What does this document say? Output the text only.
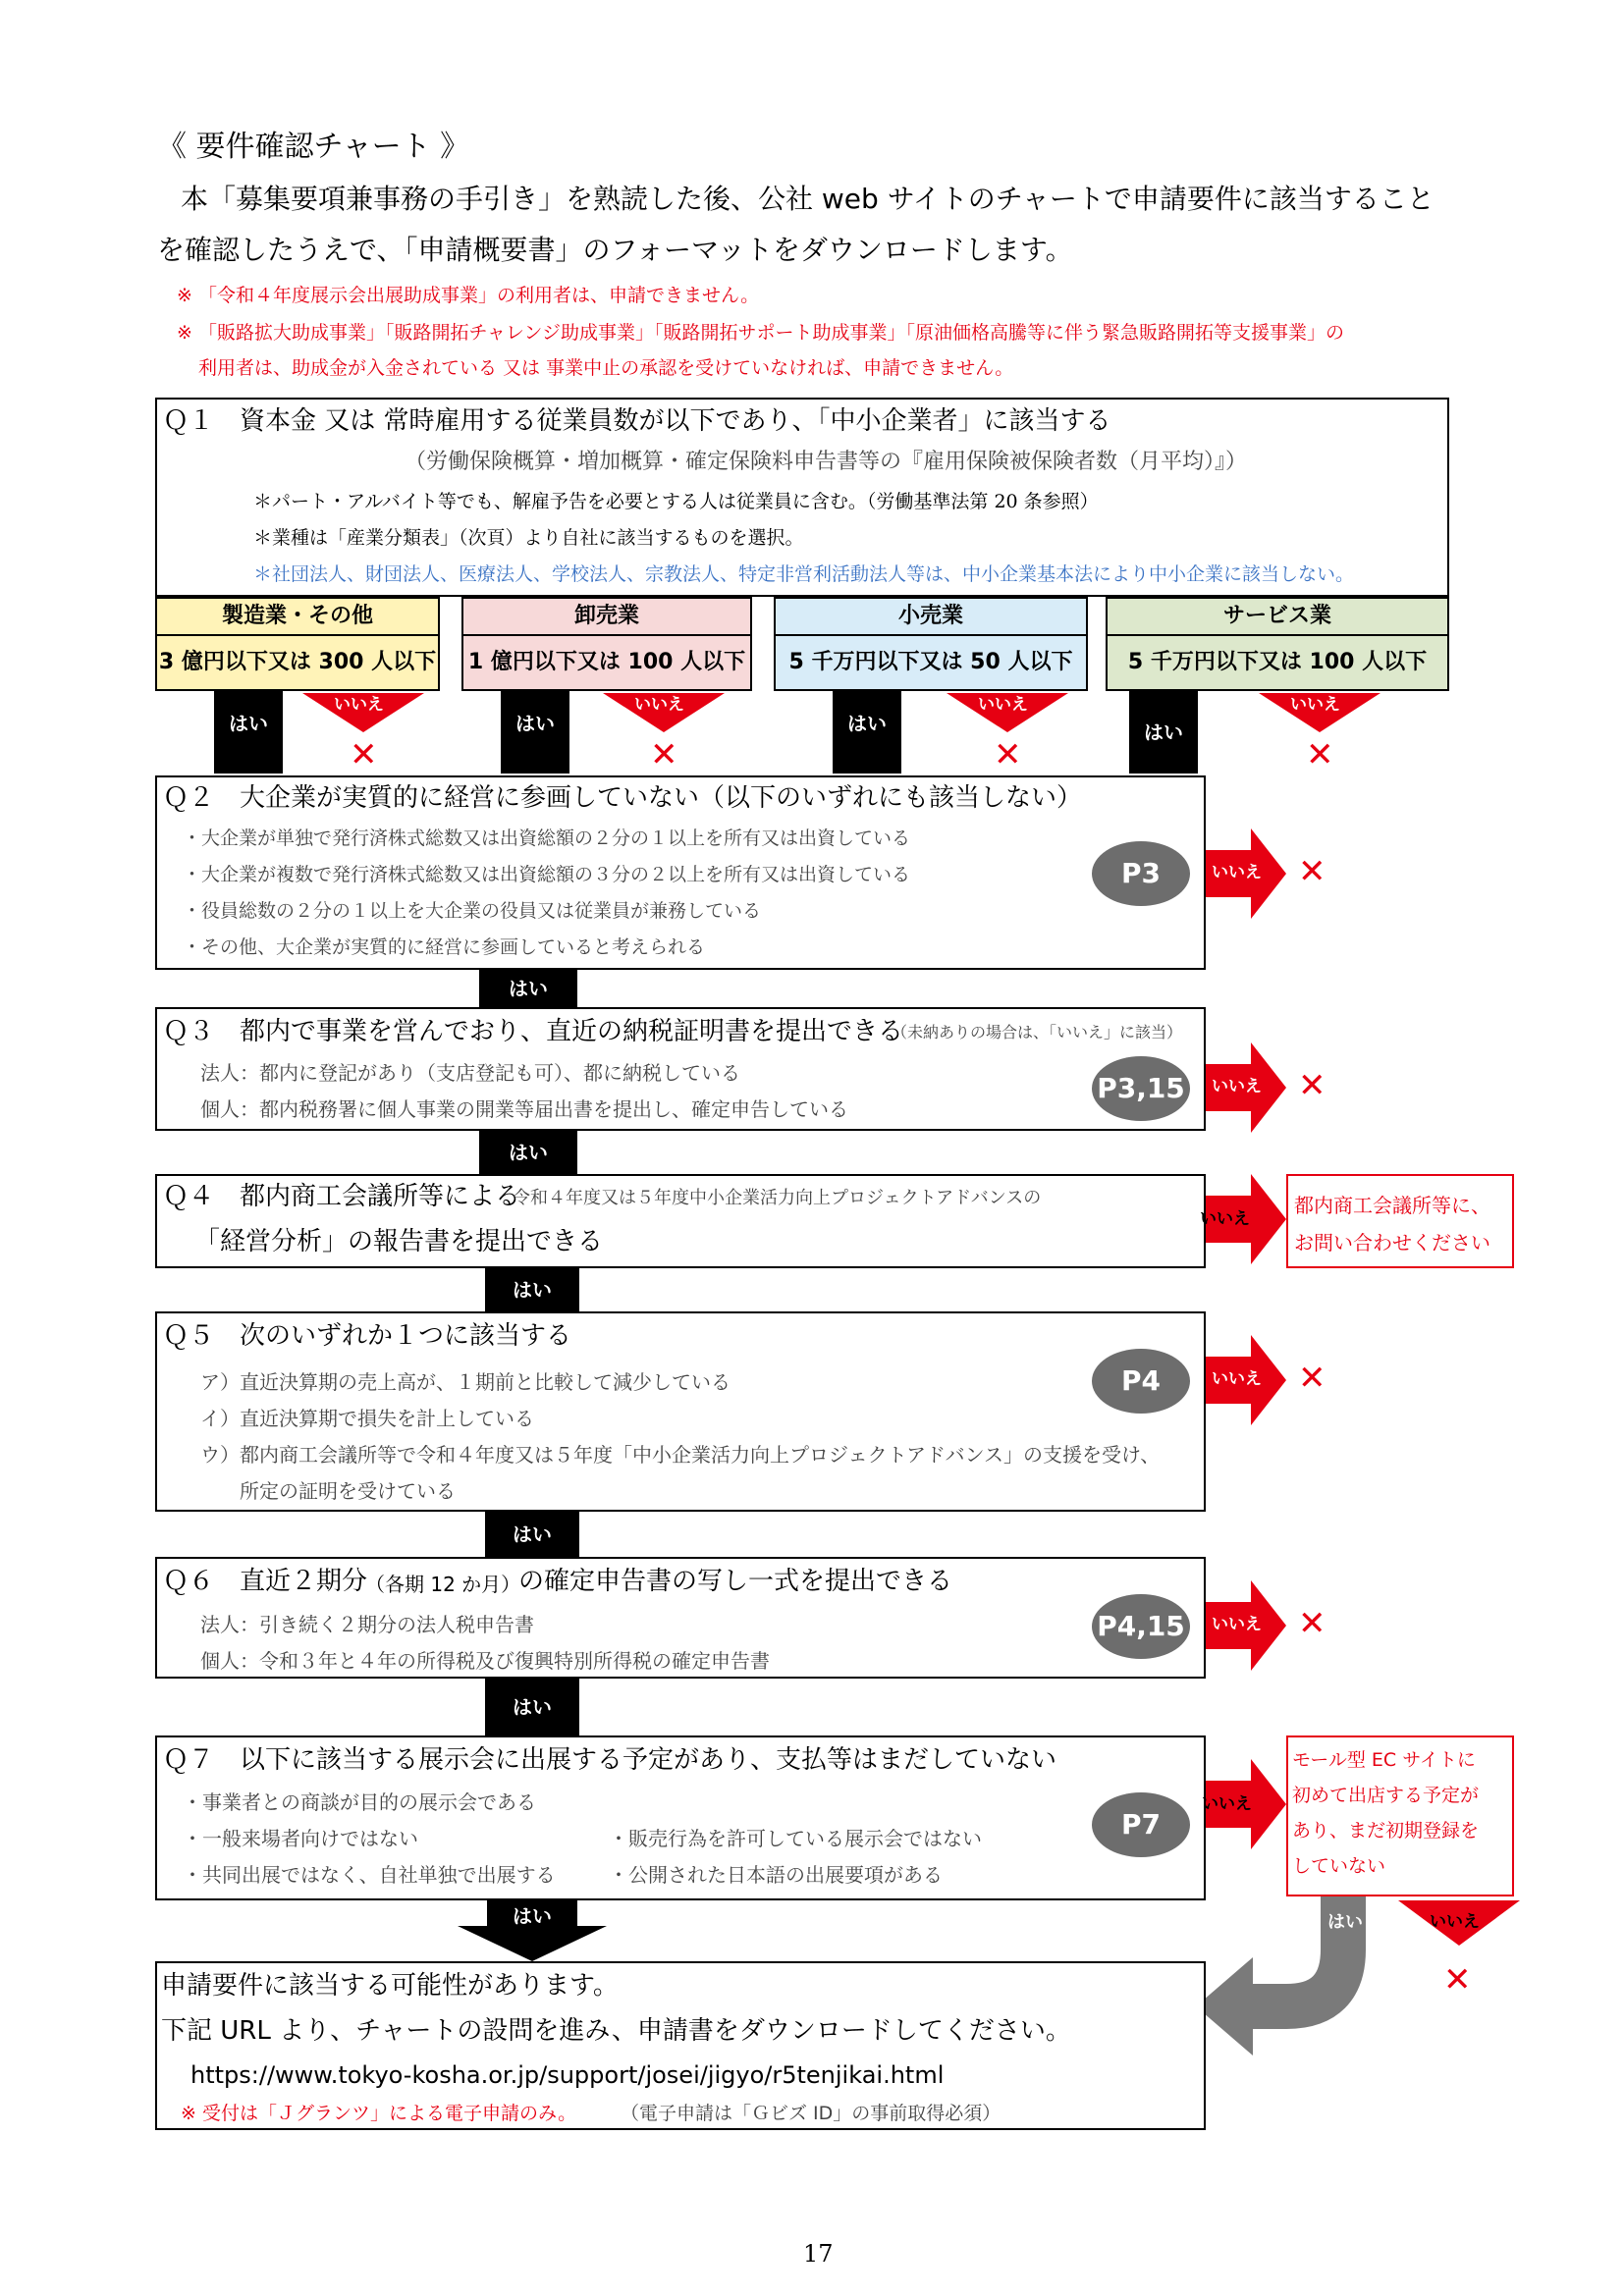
《 要件確認チャート 》
本「募集要項兼事務の手引き」を熟読した後、公社 web サイトのチャートで申請要件に該当すること
を確認したうえで、「申請概要書」のフォーマットをダウンロードします。
※ 「令和４年度展示会出展助成事業」の利用者は、申請できません。
※ 「販路拡大助成事業」「販路開拓チャレンジ助成事業」「販路開拓サポート助成事業」「原油価格高騰等に伴う緊急販路開拓等支援事業」の
利用者は、助成金が入金されている 又は 事業中止の承認を受けていなければ、申請できません。
Ｑ１　資本金 又は 常時雇用する従業員数が以下であり、「中小企業者」に該当する
（労働保険概算・増加概算・確定保険料申告書等の『雇用保険被保険者数（月平均）』）
＊パート・アルバイト等でも、解雇予告を必要とする人は従業員に含む。（労働基準法第 20 条参照）
＊業種は「産業分類表」（次頁）より自社に該当するものを選択。
＊社団法人、財団法人、医療法人、学校法人、宗教法人、特定非営利活動法人等は、中小企業基本法により中小企業に該当しない。
製造業・その他
3 億円以下又は 300 人以下
卸売業
1 億円以下又は 100 人以下
小売業
5 千万円以下又は 50 人以下
サービス業
5 千万円以下又は 100 人以下
はい	はい	はい	はい
いいえ
✕
いいえ
✕
いいえ
✕
いいえ
✕
Ｑ２　大企業が実質的に経営に参画していない（以下のいずれにも該当しない）
・大企業が単独で発行済株式総数又は出資総額の２分の１以上を所有又は出資している
・大企業が複数で発行済株式総数又は出資総額の３分の２以上を所有又は出資している
・役員総数の２分の１以上を大企業の役員又は従業員が兼務している
・その他、大企業が実質的に経営に参画していると考えられる
P3	いいえ ✕
はい
Ｑ３　都内で事業を営んでおり、直近の納税証明書を提出できる
（未納ありの場合は、「いいえ」に該当）
法人：都内に登記があり（支店登記も可）、都に納税している
個人：都内税務署に個人事業の開業等届出書を提出し、確定申告している
P3,15	いいえ ✕
はい
Ｑ４　都内商工会議所等による
令和４年度又は５年度中小企業活力向上プロジェクトアドバンスの
「経営分析」の報告書を提出できる
いいえ
都内商工会議所等に、
お問い合わせください
はい
Ｑ５　次のいずれか１つに該当する
ア）直近決算期の売上高が、１期前と比較して減少している
イ）直近決算期で損失を計上している
ウ）都内商工会議所等で令和４年度又は５年度「中小企業活力向上プロジェクトアドバンス」の支援を受け、
所定の証明を受けている
P4	いいえ ✕
はい
Ｑ６　直近２期分
（各期 12 か月）
の確定申告書の写し一式を提出できる
法人：引き続く２期分の法人税申告書
個人：令和３年と４年の所得税及び復興特別所得税の確定申告書
P4,15	いいえ ✕
はい
Ｑ７　以下に該当する展示会に出展する予定があり、支払等はまだしていない
・事業者との商談が目的の展示会である
・一般来場者向けではない	・販売行為を許可している展示会ではない
・共同出展ではなく、自社単独で出展する	・公開された日本語の出展要項がある
P7
いいえ
モール型 EC サイトに
初めて出店する予定が
あり、まだ初期登録を
していない
はい	いいえ
✕
はい
申請要件に該当する可能性があります。
下記 URL より、チャートの設問を進み、申請書をダウンロードしてください。
https://www.tokyo-kosha.or.jp/support/josei/jigyo/r5tenjikai.html
※ 受付は「Ｊグランツ」による電子申請のみ。 （電子申請は「Ｇビズ ID」の事前取得必須）
17
